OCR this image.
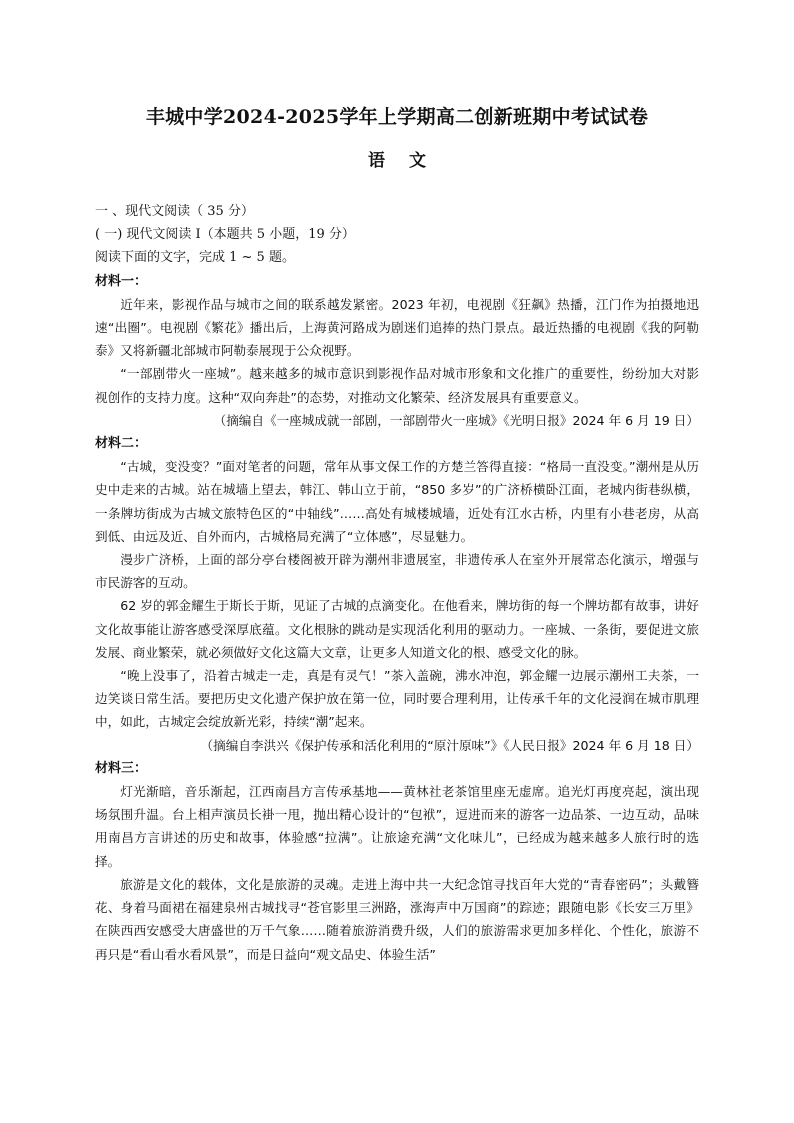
丰城中学2024-2025学年上学期高二创新班期中考试试卷
语文
一 、现代文阅读（ 35 分）
( 一) 现代文阅读 I（本题共 5 小题，19 分）
阅读下面的文字，完成 1 ~ 5 题。
材料一：

近年来，影视作品与城市之间的联系越发紧密。2023 年初，电视剧《狂飙》热播，江门作为拍摄地迅速“出圈”。电视剧《繁花》播出后，上海黄河路成为剧迷们追捧的热门景点。最近热播的电视剧《我的阿勒泰》又将新疆北部城市阿勒泰展现于公众视野。

“一部剧带火一座城”。越来越多的城市意识到影视作品对城市形象和文化推广的重要性，纷纷加大对影视创作的支持力度。这种“双向奔赴”的态势，对推动文化繁荣、经济发展具有重要意义。

（摘编自《一座城成就一部剧，一部剧带火一座城》《光明日报》2024 年 6 月 19 日）
材料二：

“古城，变没变？”面对笔者的问题，常年从事文保工作的方楚兰答得直接：“格局一直没变。”潮州是从历史中走来的古城。站在城墙上望去，韩江、韩山立于前，“850 多岁”的广济桥横卧江面，老城内街巷纵横，一条牌坊街成为古城文旅特色区的“中轴线”……高处有城楼城墙，近处有江水古桥，内里有小巷老房，从高到低、由远及近、自外而内，古城格局充满了“立体感”，尽显魅力。

漫步广济桥，上面的部分亭台楼阁被开辟为潮州非遗展室，非遗传承人在室外开展常态化演示，增强与市民游客的互动。

62 岁的郭金耀生于斯长于斯，见证了古城的点滴变化。在他看来，牌坊街的每一个牌坊都有故事，讲好文化故事能让游客感受深厚底蕴。文化根脉的跳动是实现活化利用的驱动力。一座城、一条街，要促进文旅发展、商业繁荣，就必须做好文化这篇大文章，让更多人知道文化的根、感受文化的脉。

“晚上没事了，沿着古城走一走，真是有灵气！”茶入盖碗，沸水冲泡，郭金耀一边展示潮州工夫茶，一边笑谈日常生活。要把历史文化遗产保护放在第一位，同时要合理利用，让传承千年的文化浸润在城市肌理中，如此，古城定会绽放新光彩，持续“潮”起来。

（摘编自李洪兴《保护传承和活化利用的“原汁原味”》《人民日报》2024 年 6 月 18 日）
材料三：

灯光渐暗，音乐渐起，江西南昌方言传承基地——黄林社老茶馆里座无虚席。追光灯再度亮起，演出现场氛围升温。台上相声演员长褂一甩，抛出精心设计的“包袱”，逗进而来的游客一边品茶、一边互动，品味用南昌方言讲述的历史和故事，体验感“拉满”。让旅途充满“文化味儿”，已经成为越来越多人旅行时的选择。

旅游是文化的载体，文化是旅游的灵魂。走进上海中共一大纪念馆寻找百年大党的“青春密码”；头戴簪花、身着马面裙在福建泉州古城找寻“苍官影里三洲路，涨海声中万国商”的踪迹；跟随电影《长安三万里》在陕西西安感受大唐盛世的万千气象……随着旅游消费升级，人们的旅游需求更加多样化、个性化，旅游不再只是“看山看水看风景”，而是日益向“观文品史、体验生活”
